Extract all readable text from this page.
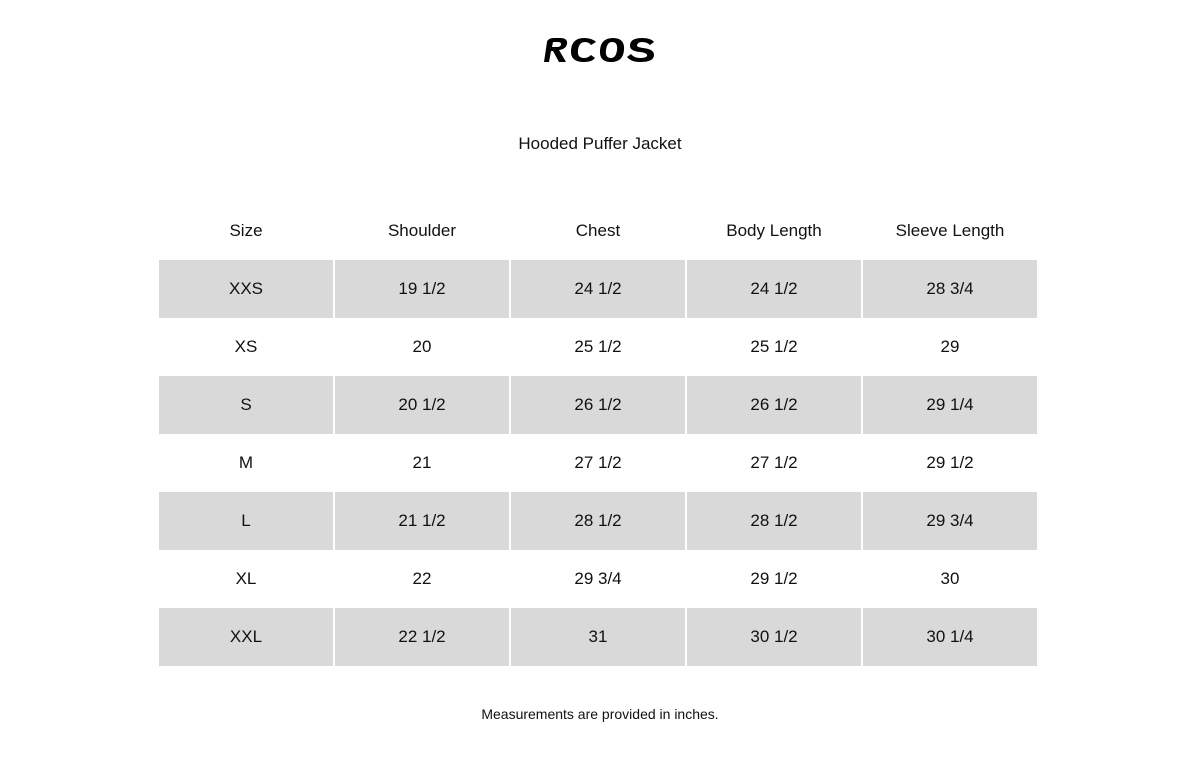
Hooded Puffer Jacket
Size	Shoulder	Chest	Body Length	Sleeve Length
XXS	19 1/2	24 1/2	24 1/2	28 3/4
XS	20	25 1/2	25 1/2	29
S	20 1/2	26 1/2	26 1/2	29 1/4
M	21	27 1/2	27 1/2	29 1/2
L	21 1/2	28 1/2	28 1/2	29 3/4
XL	22	29 3/4	29 1/2	30
XXL	22 1/2	31	30 1/2	30 1/4
Measurements are provided in inches.
